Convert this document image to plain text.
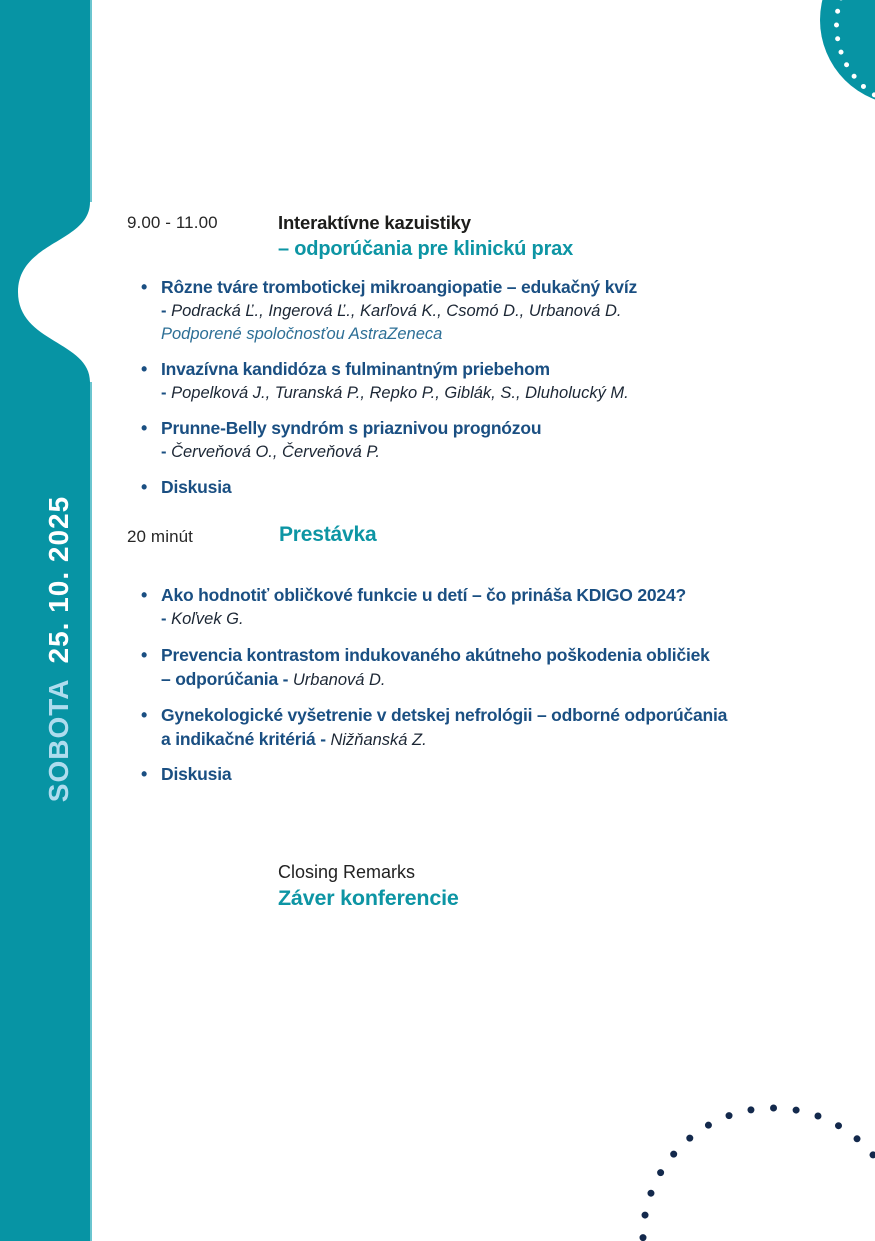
SOBOTA25. 10. 2025
9.00 - 11.00	Interaktívne kazuistiky
– odporúčania pre klinickú prax
• Rôzne tváre trombotickej mikroangiopatie – edukačný kvíz
- Podracká Ľ., Ingerová Ľ., Karľová K., Csomó D., Urbanová D.
Podporené spoločnosťou AstraZeneca
• Invazívna kandidóza s fulminantným priebehom
- Popelková J., Turanská P., Repko P., Giblák, S., Dluholucký M.
• Prunne-Belly syndróm s priaznivou prognózou
- Červeňová O., Červeňová P.
• Diskusia
20 minút	Prestávka
• Ako hodnotiť obličkové funkcie u detí – čo prináša KDIGO 2024?
- Koľvek G.
• Prevencia kontrastom indukovaného akútneho poškodenia obličiek
– odporúčania - Urbanová D.
• Gynekologické vyšetrenie v detskej nefrológii – odborné odporúčania
a indikačné kritériá - Nižňanská Z.
• Diskusia
Closing Remarks
Záver konferencie
